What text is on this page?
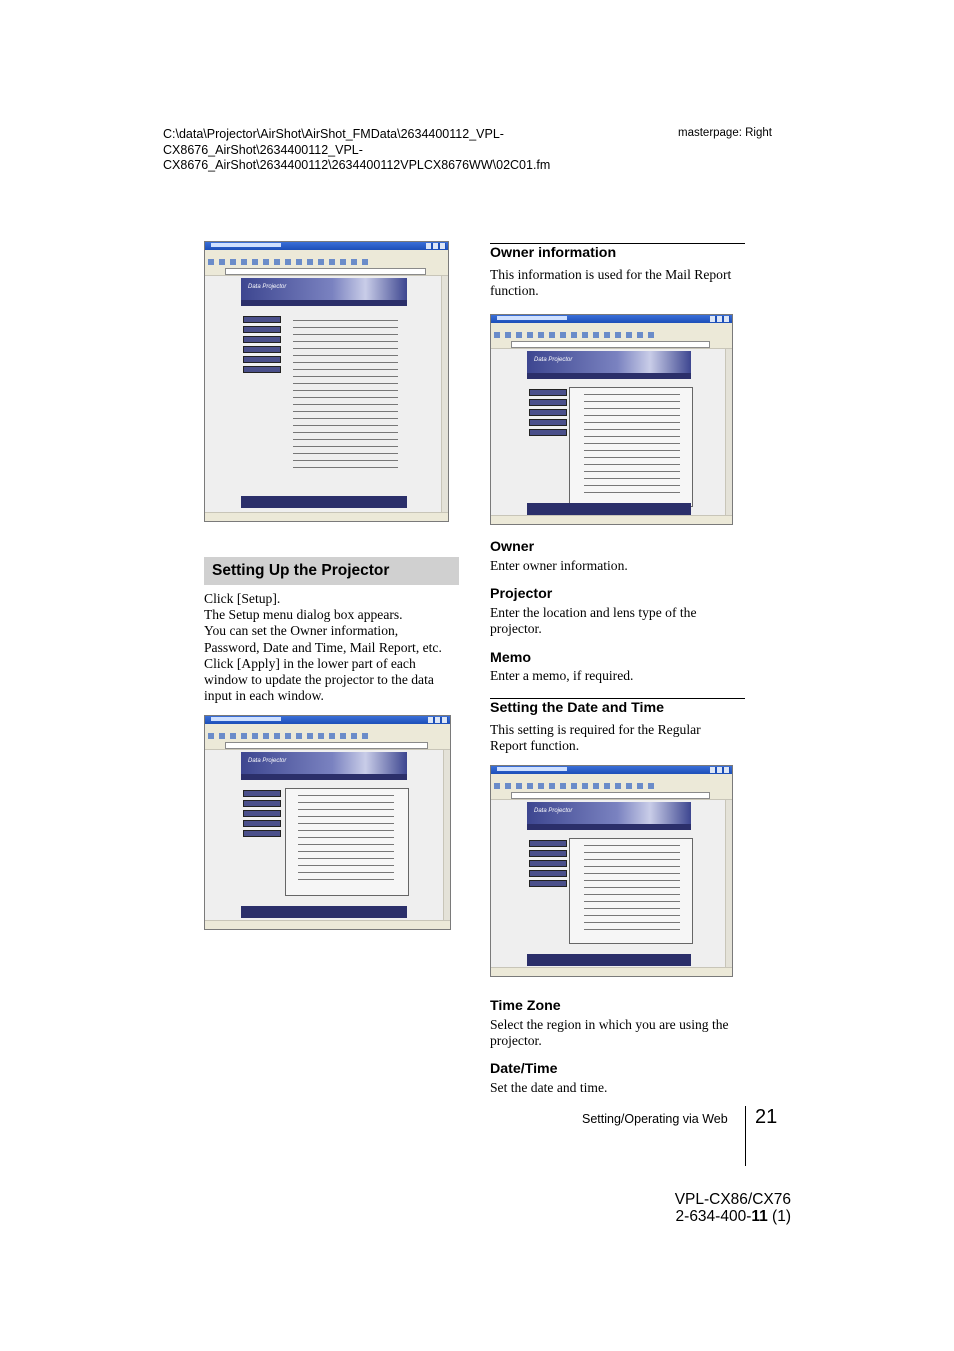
C:\data\Projector\AirShot\AirShot_FMData\2634400112_VPL-
CX8676_AirShot\2634400112_VPL-
CX8676_AirShot\2634400112\2634400112VPLCX8676WW\02C01.fm
masterpage: Right
Data Projector
Setting Up the Projector
Click [Setup].
The Setup menu dialog box appears.
You can set the Owner information,
Password, Date and Time, Mail Report, etc.
Click [Apply] in the lower part of each
window to update the projector to the data
input in each window.
Data Projector
Owner information
This information is used for the Mail Report
function.
Data Projector
Owner
Enter owner information.
Projector
Enter the location and lens type of the
projector.
Memo
Enter a memo, if required.
Setting the Date and Time
This setting is required for the Regular
Report function.
Data Projector
Time Zone
Select the region in which you are using the
projector.
Date/Time
Set the date and time.
Setting/Operating via Web 21
VPL-CX86/CX76
2-634-400-11 (1)
